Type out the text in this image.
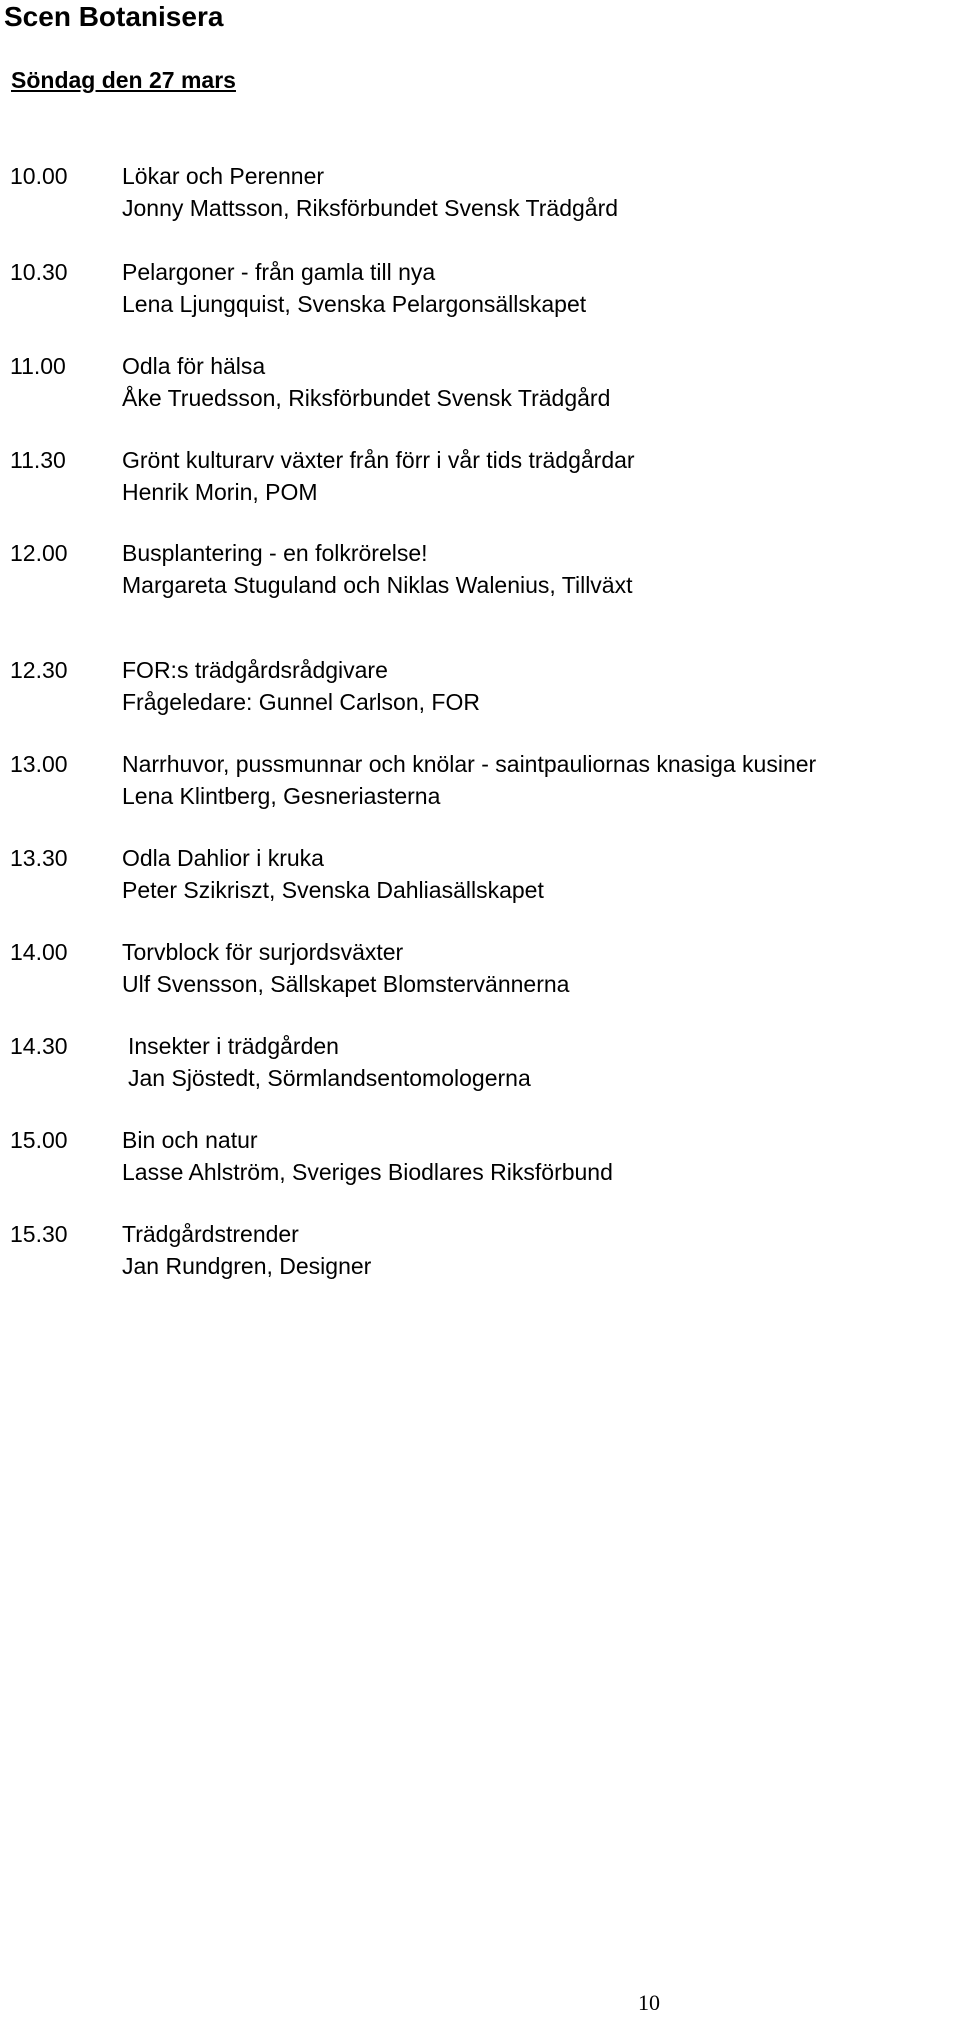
Scen Botanisera

Söndag den 27 mars

10.00 Lökar och Perenner
Jonny Mattsson, Riksförbundet Svensk Trädgård
10.30 Pelargoner - från gamla till nya
Lena Ljungquist, Svenska Pelargonsällskapet
11.00 Odla för hälsa
Åke Truedsson, Riksförbundet Svensk Trädgård
11.30 Grönt kulturarv växter från förr i vår tids trädgårdar
Henrik Morin, POM
12.00 Busplantering - en folkrörelse!
Margareta Stuguland och Niklas Walenius, Tillväxt
12.30 FOR:s trädgårdsrådgivare
Frågeledare: Gunnel Carlson, FOR
13.00 Narrhuvor, pussmunnar och knölar - saintpauliornas knasiga kusiner
Lena Klintberg, Gesneriasterna
13.30 Odla Dahlior i kruka
Peter Szikriszt, Svenska Dahliasällskapet
14.00 Torvblock för surjordsväxter
Ulf Svensson, Sällskapet Blomstervännerna
14.30	Insekter i trädgården
Jan Sjöstedt, Sörmlandsentomologerna
15.00 Bin och natur
Lasse Ahlström, Sveriges Biodlares Riksförbund
15.30 Trädgårdstrender
Jan Rundgren, Designer
10
